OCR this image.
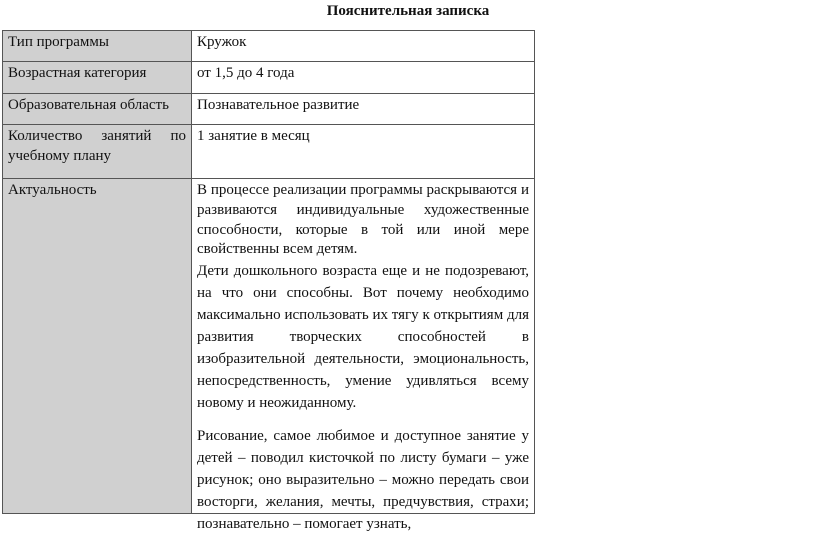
Пояснительная записка
Тип программы	Кружок
Возрастная категория	от 1,5 до 4 года
Образовательная область	Познавательное развитие

Количество занятий по учебному плану	1 занятие в месяц
Актуальность	В процессе реализации программы раскрываются и развиваются индивидуальные художественные способности, которые в той или иной мере свойственны всем детям.

Дети дошкольного возраста еще и не подозревают, на что они способны. Вот почему необходимо максимально использовать их тягу к открытиям для развития творческих способностей в изобразительной деятельности, эмоциональность, непосредственность, умение удивляться всему новому и неожиданному.

Рисование, самое любимое и доступное занятие у детей – поводил кисточкой по листу бумаги – уже рисунок; оно выразительно – можно передать свои восторги, желания, мечты, предчувствия, страхи; познавательно – помогает узнать,
